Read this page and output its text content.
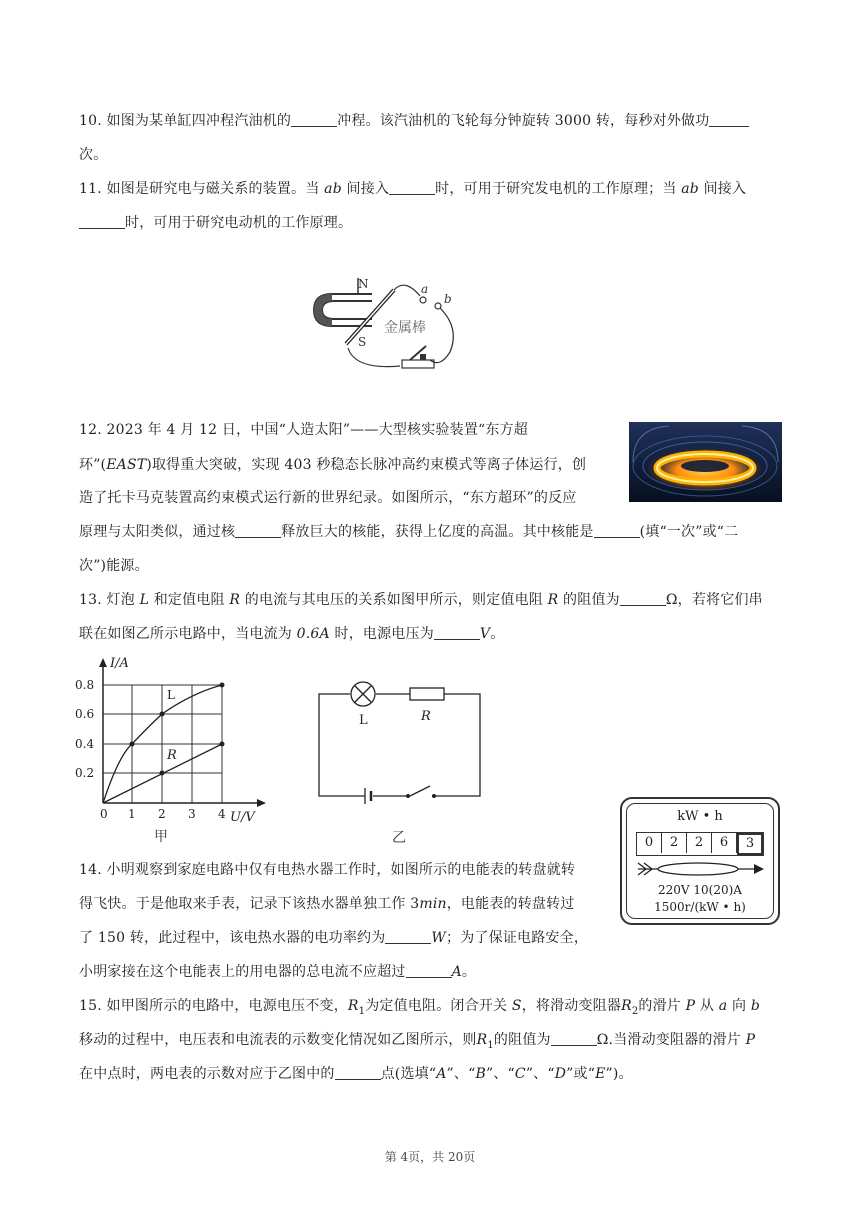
10. 如图为某单缸四冲程汽油机的	冲程。该汽油机的飞轮每分钟旋转 3000 转，每秒对外做功
次。
11. 如图是研究电与磁关系的装置。当 ab 间接入	时，可用于研究发电机的工作原理；当 ab 间接入
时，可用于研究电动机的工作原理。
N
S
a
b
金属棒
12. 2023 年 4 月 12 日，中国“人造太阳”——大型核实验装置“东方超
环”(EAST)取得重大突破，实现 403 秒稳态长脉冲高约束模式等离子体运行，创
造了托卡马克装置高约束模式运行新的世界纪录。如图所示，“东方超环”的反应
原理与太阳类似，通过核	释放巨大的核能，获得上亿度的高温。其中核能是	(填“一次”或“二
次”)能源。
13. 灯泡 L 和定值电阻 R 的电流与其电压的关系如图甲所示，则定值电阻 R 的阻值为	Ω，若将它们串
联在如图乙所示电路中，当电流为 0.6A 时，电源电压为	V。
I/A
U/V
0.8
0.6
0.4
0.2
0 1 2 3 4
L
R
甲
L	R
乙
kW • h
0	2	2	6	3
220V 10(20)A
1500r/(kW • h)
14. 小明观察到家庭电路中仅有电热水器工作时，如图所示的电能表的转盘就转
得飞快。于是他取来手表，记录下该热水器单独工作 3min，电能表的转盘转过
了 150 转，此过程中，该电热水器的电功率约为	W；为了保证电路安全，
小明家接在这个电能表上的用电器的总电流不应超过	A。
15. 如甲图所示的电路中，电源电压不变，$R_1$为定值电阻。闭合开关 S，将滑动变阻器$R_2$的滑片 P 从 a 向 b
移动的过程中，电压表和电流表的示数变化情况如乙图所示，则$R_1$的阻值为	Ω.当滑动变阻器的滑片 P
在中点时，两电表的示数对应于乙图中的	点(选填“A”、“B”、“C”、“D”或“E”)。
第 4页，共 20页
